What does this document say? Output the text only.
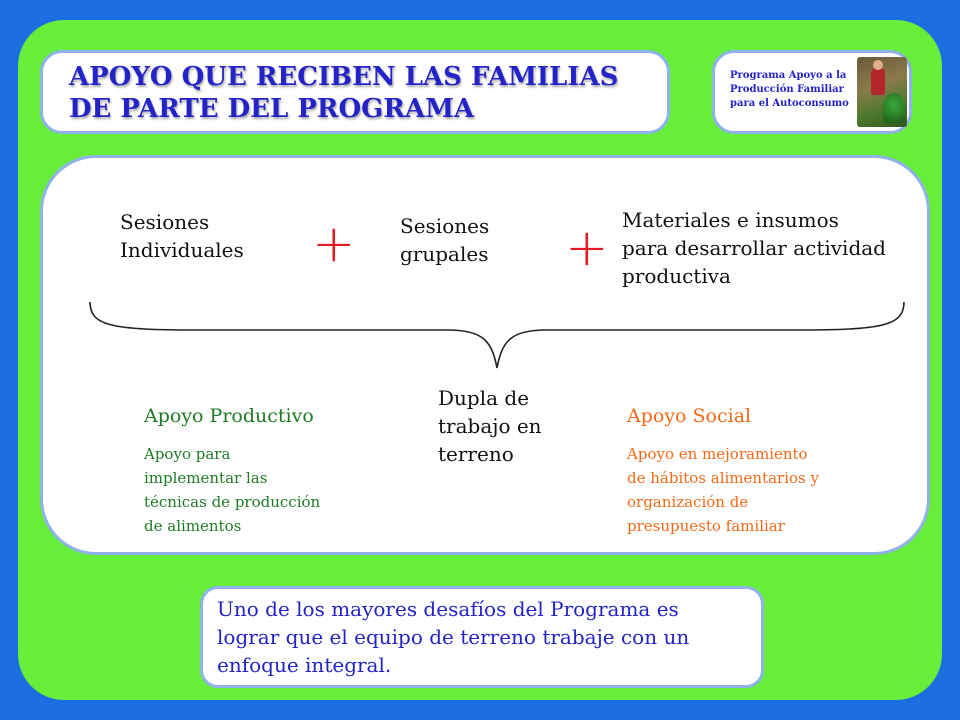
APOYO QUE RECIBEN LAS FAMILIAS
DE PARTE DEL PROGRAMA
Programa Apoyo a la
Producción Familiar
para el Autoconsumo

Sesiones
Individuales + Sesiones
grupales + Materiales e insumos
para desarrollar actividad
productiva

Dupla de
trabajo en
terreno

Apoyo Productivo

Apoyo para
implementar las
técnicas de producción
de alimentos

Apoyo Social

Apoyo en mejoramiento
de hábitos alimentarios y
organización de
presupuesto familiar

Uno de los mayores desafíos del Programa es
lograr que el equipo de terreno trabaje con un
enfoque integral.
